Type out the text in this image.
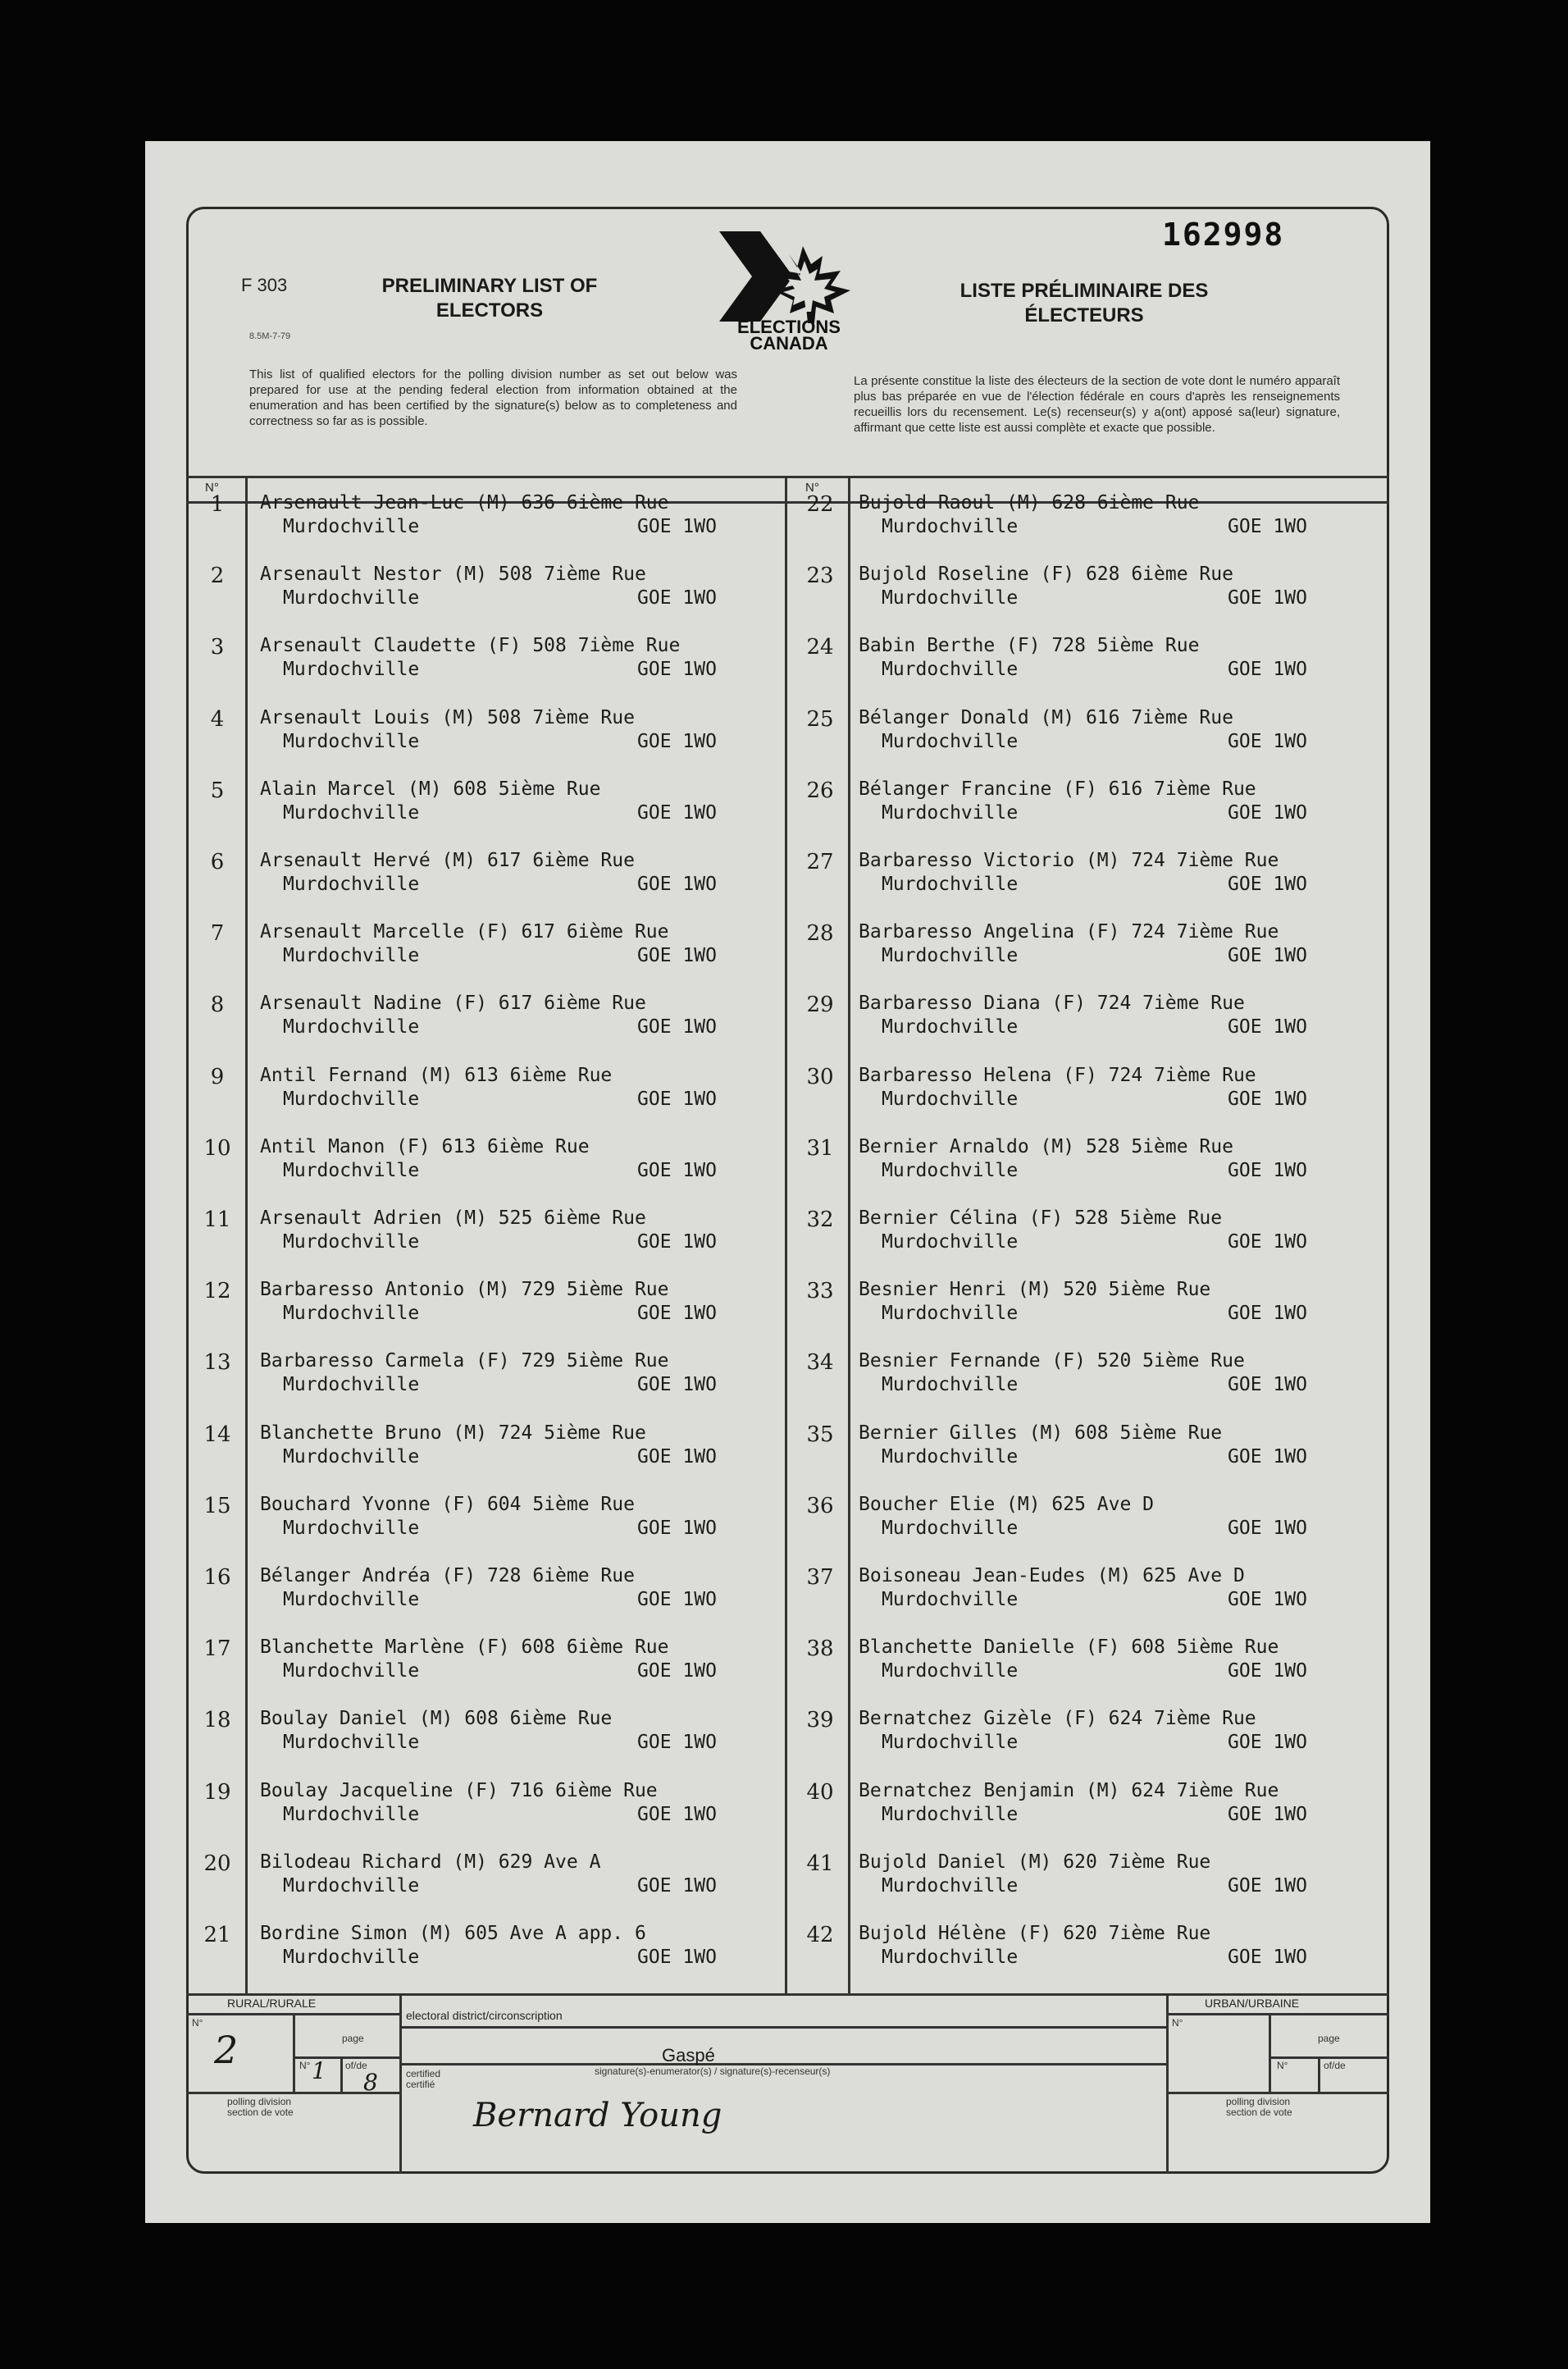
162998
F 303
8.5M-7-79
PRELIMINARY LIST OF ELECTORS
LISTE PRÉLIMINAIRE DES ÉLECTEURS
ELECTIONS
CANADA
This list of qualified electors for the polling division number as set out below was prepared for use at the pending federal election from information obtained at the enumeration and has been certified by the signature(s) below as to completeness and correctness so far as is possible.
La présente constitue la liste des électeurs de la section de vote dont le numéro apparaît plus bas préparée en vue de l'élection fédérale en cours d'après les renseignements recueillis lors du recensement. Le(s) recenseur(s) y a(ont) apposé sa(leur) signature, affirmant que cette liste est aussi complète et exacte que possible.
N°	N°
1	Arsenault Jean-Luc (M) 636 6ième Rue
Murdochville	GOE 1WO
2	Arsenault Nestor (M) 508 7ième Rue
Murdochville	GOE 1WO
3	Arsenault Claudette (F) 508 7ième Rue
Murdochville	GOE 1WO
4	Arsenault Louis (M) 508 7ième Rue
Murdochville	GOE 1WO
5	Alain Marcel (M) 608 5ième Rue
Murdochville	GOE 1WO
6	Arsenault Hervé (M) 617 6ième Rue
Murdochville	GOE 1WO
7	Arsenault Marcelle (F) 617 6ième Rue
Murdochville	GOE 1WO
8	Arsenault Nadine (F) 617 6ième Rue
Murdochville	GOE 1WO
9	Antil Fernand (M) 613 6ième Rue
Murdochville	GOE 1WO
10	Antil Manon (F) 613 6ième Rue
Murdochville	GOE 1WO
11	Arsenault Adrien (M) 525 6ième Rue
Murdochville	GOE 1WO
12	Barbaresso Antonio (M) 729 5ième Rue
Murdochville	GOE 1WO
13	Barbaresso Carmela (F) 729 5ième Rue
Murdochville	GOE 1WO
14	Blanchette Bruno (M) 724 5ième Rue
Murdochville	GOE 1WO
15	Bouchard Yvonne (F) 604 5ième Rue
Murdochville	GOE 1WO
16	Bélanger Andréa (F) 728 6ième Rue
Murdochville	GOE 1WO
17	Blanchette Marlène (F) 608 6ième Rue
Murdochville	GOE 1WO
18	Boulay Daniel (M) 608 6ième Rue
Murdochville	GOE 1WO
19	Boulay Jacqueline (F) 716 6ième Rue
Murdochville	GOE 1WO
20	Bilodeau Richard (M) 629 Ave A
Murdochville	GOE 1WO
21	Bordine Simon (M) 605 Ave A app. 6
Murdochville	GOE 1WO
22	Bujold Raoul (M) 628 6ième Rue
Murdochville	GOE 1WO
23	Bujold Roseline (F) 628 6ième Rue
Murdochville	GOE 1WO
24	Babin Berthe (F) 728 5ième Rue
Murdochville	GOE 1WO
25	Bélanger Donald (M) 616 7ième Rue
Murdochville	GOE 1WO
26	Bélanger Francine (F) 616 7ième Rue
Murdochville	GOE 1WO
27	Barbaresso Victorio (M) 724 7ième Rue
Murdochville	GOE 1WO
28	Barbaresso Angelina (F) 724 7ième Rue
Murdochville	GOE 1WO
29	Barbaresso Diana (F) 724 7ième Rue
Murdochville	GOE 1WO
30	Barbaresso Helena (F) 724 7ième Rue
Murdochville	GOE 1WO
31	Bernier Arnaldo (M) 528 5ième Rue
Murdochville	GOE 1WO
32	Bernier Célina (F) 528 5ième Rue
Murdochville	GOE 1WO
33	Besnier Henri (M) 520 5ième Rue
Murdochville	GOE 1WO
34	Besnier Fernande (F) 520 5ième Rue
Murdochville	GOE 1WO
35	Bernier Gilles (M) 608 5ième Rue
Murdochville	GOE 1WO
36	Boucher Elie (M) 625 Ave D
Murdochville	GOE 1WO
37	Boisoneau Jean-Eudes (M) 625 Ave D
Murdochville	GOE 1WO
38	Blanchette Danielle (F) 608 5ième Rue
Murdochville	GOE 1WO
39	Bernatchez Gizèle (F) 624 7ième Rue
Murdochville	GOE 1WO
40	Bernatchez Benjamin (M) 624 7ième Rue
Murdochville	GOE 1WO
41	Bujold Daniel (M) 620 7ième Rue
Murdochville	GOE 1WO
42	Bujold Hélène (F) 620 7ième Rue
Murdochville	GOE 1WO
RURAL/RURALE	URBAN/URBAINE
electoral district/circonscription
Gaspé
N°
page
N°	of/de
polling division
section de vote
N°
page
N°	of/de
polling division
section de vote
certified
certifié
signature(s)-enumerator(s) / signature(s)-recenseur(s)
2	1 8
Bernard Young
